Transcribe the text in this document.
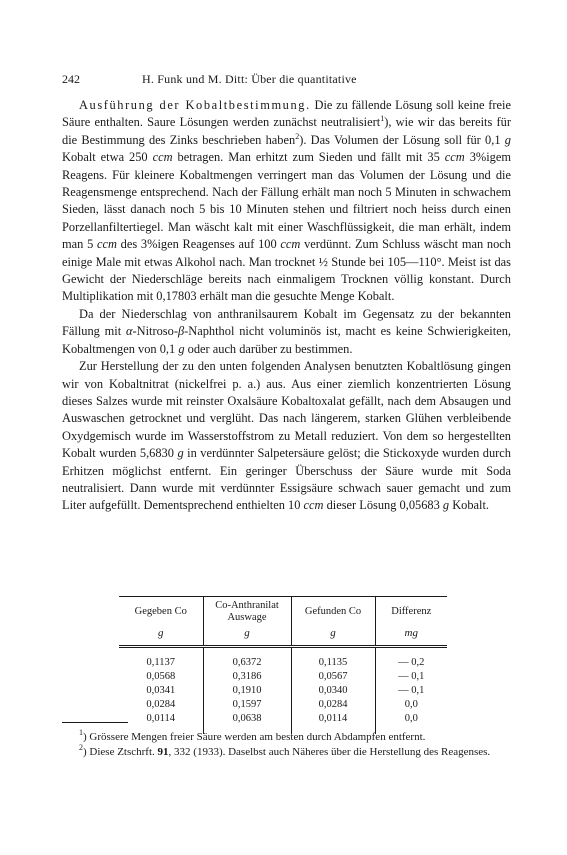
242	H. Funk und M. Ditt: Über die quantitative

Ausführung der Kobaltbestimmung. Die zu fällende Lösung soll keine freie Säure enthalten. Saure Lösungen werden zunächst neutralisiert$^1$), wie wir das bereits für die Bestimmung des Zinks beschrieben haben$^2$). Das Volumen der Lösung soll für 0,1 g Kobalt etwa 250 ccm betragen. Man erhitzt zum Sieden und fällt mit 35 ccm 3%igem Reagens. Für kleinere Kobaltmengen verringert man das Volumen der Lösung und die Reagensmenge entsprechend. Nach der Fällung erhält man noch 5 Minuten in schwachem Sieden, lässt danach noch 5 bis 10 Minuten stehen und filtriert noch heiss durch einen Porzellanfiltertiegel. Man wäscht kalt mit einer Waschflüssigkeit, die man erhält, indem man 5 ccm des 3%igen Reagenses auf 100 ccm verdünnt. Zum Schluss wäscht man noch einige Male mit etwas Alkohol nach. Man trocknet ½ Stunde bei 105—110°. Meist ist das Gewicht der Niederschläge bereits nach einmaligem Trocknen völlig konstant. Durch Multiplikation mit 0,17803 erhält man die gesuchte Menge Kobalt.

Da der Niederschlag von anthranilsaurem Kobalt im Gegensatz zu der bekannten Fällung mit α-Nitroso-β-Naphthol nicht voluminös ist, macht es keine Schwierigkeiten, Kobaltmengen von 0,1 g oder auch darüber zu bestimmen.

Zur Herstellung der zu den unten folgenden Analysen benutzten Kobaltlösung gingen wir von Kobaltnitrat (nickelfrei p. a.) aus. Aus einer ziemlich konzentrierten Lösung dieses Salzes wurde mit reinster Oxalsäure Kobaltoxalat gefällt, nach dem Absaugen und Auswaschen getrocknet und verglüht. Das nach längerem, starken Glühen verbleibende Oxydgemisch wurde im Wasserstoffstrom zu Metall reduziert. Von dem so hergestellten Kobalt wurden 5,6830 g in verdünnter Salpetersäure gelöst; die Stickoxyde wurden durch Erhitzen möglichst entfernt. Ein geringer Überschuss der Säure wurde mit Soda neutralisiert. Dann wurde mit verdünnter Essigsäure schwach sauer gemacht und zum Liter aufgefüllt. Dementsprechend enthielten 10 ccm dieser Lösung 0,05683 g Kobalt.

Gegeben Co	Co-Anthranilat Auswage	Gefunden Co	Differenz
g	g	g	mg

0,1137	0,6372	0,1135	— 0,2
0,0568	0,3186	0,0567	— 0,1
0,0341	0,1910	0,0340	— 0,1
0,0284	0,1597	0,0284	0,0
0,0114	0,0638	0,0114	0,0

$^1$) Grössere Mengen freier Säure werden am besten durch Abdampfen entfernt.

$^2$) Diese Ztschrft. 91, 332 (1933). Daselbst auch Näheres über die Herstellung des Reagenses.
